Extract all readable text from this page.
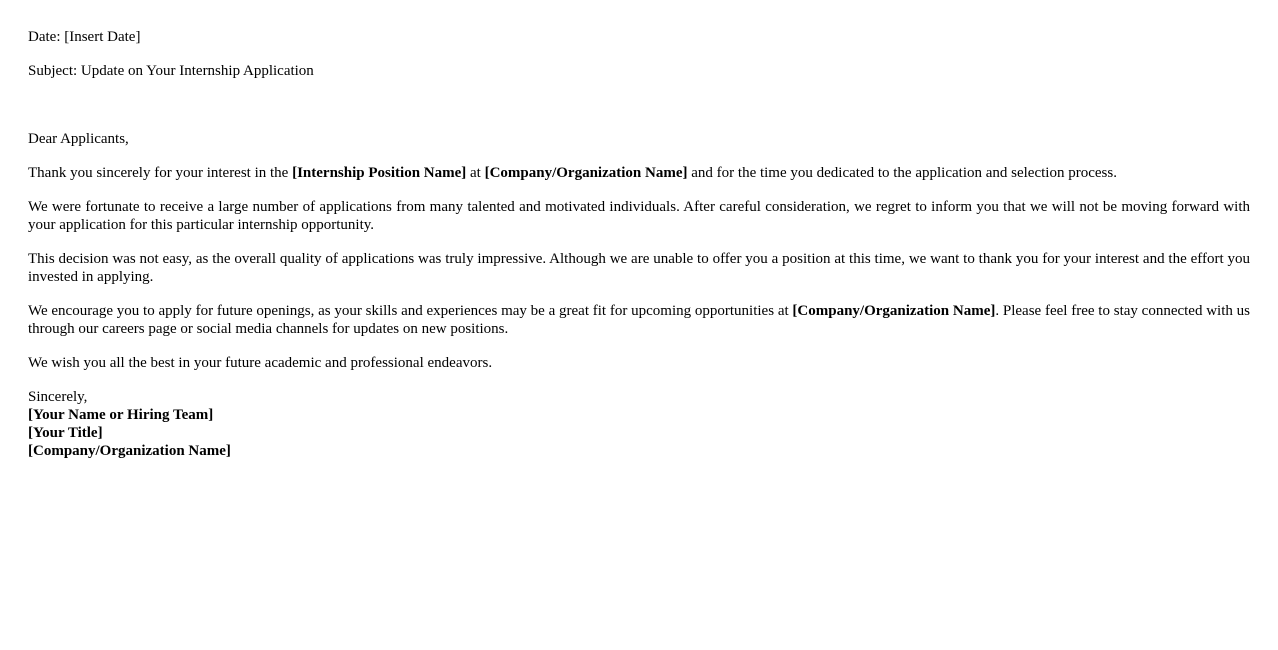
Date: [Insert Date]

Subject: Update on Your Internship Application

Dear Applicants,

Thank you sincerely for your interest in the [Internship Position Name] at [Company/Organization Name] and for the time you dedicated to the application and selection process.

We were fortunate to receive a large number of applications from many talented and motivated individuals. After careful consideration, we regret to inform you that we will not be moving forward with your application for this particular internship opportunity.

This decision was not easy, as the overall quality of applications was truly impressive. Although we are unable to offer you a position at this time, we want to thank you for your interest and the effort you invested in applying.

We encourage you to apply for future openings, as your skills and experiences may be a great fit for upcoming opportunities at [Company/Organization Name]. Please feel free to stay connected with us through our careers page or social media channels for updates on new positions.

We wish you all the best in your future academic and professional endeavors.

Sincerely,
[Your Name or Hiring Team]
[Your Title]
[Company/Organization Name]
